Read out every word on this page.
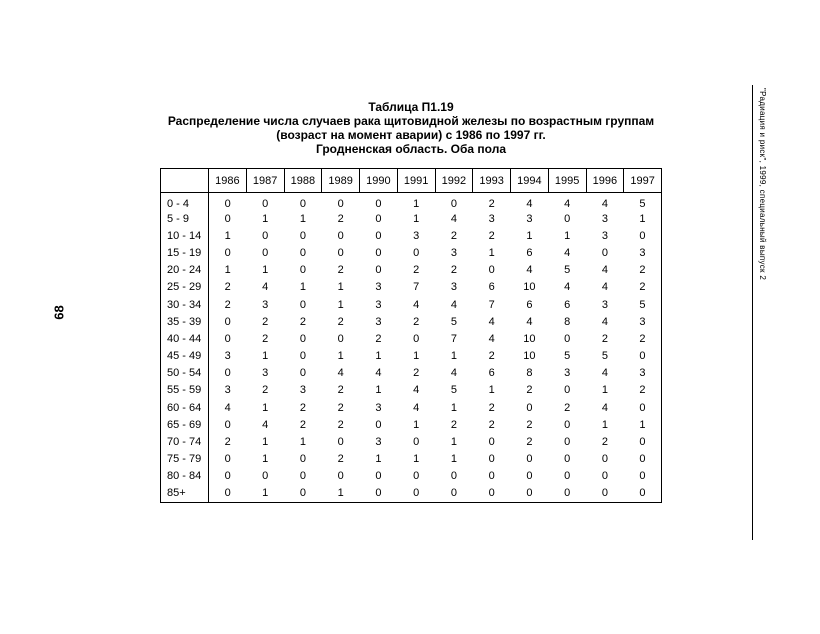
68
"Радиация и риск", 1999, специальный выпуск 2
Таблица П1.19
Распределение числа случаев рака щитовидной железы по возрастным группам
(возраст на момент аварии) с 1986 по 1997 гг.
Гродненская область. Оба пола
	1986	1987	1988	1989	1990	1991	1992	1993	1994	1995	1996	1997
0 - 4	0	0	0	0	0	1	0	2	4	4	4	5
5 - 9	0	1	1	2	0	1	4	3	3	0	3	1
10 - 14	1	0	0	0	0	3	2	2	1	1	3	0
15 - 19	0	0	0	0	0	0	3	1	6	4	0	3
20 - 24	1	1	0	2	0	2	2	0	4	5	4	2
25 - 29	2	4	1	1	3	7	3	6	10	4	4	2
30 - 34	2	3	0	1	3	4	4	7	6	6	3	5
35 - 39	0	2	2	2	3	2	5	4	4	8	4	3
40 - 44	0	2	0	0	2	0	7	4	10	0	2	2
45 - 49	3	1	0	1	1	1	1	2	10	5	5	0
50 - 54	0	3	0	4	4	2	4	6	8	3	4	3
55 - 59	3	2	3	2	1	4	5	1	2	0	1	2
60 - 64	4	1	2	2	3	4	1	2	0	2	4	0
65 - 69	0	4	2	2	0	1	2	2	2	0	1	1
70 - 74	2	1	1	0	3	0	1	0	2	0	2	0
75 - 79	0	1	0	2	1	1	1	0	0	0	0	0
80 - 84	0	0	0	0	0	0	0	0	0	0	0	0
85+	0	1	0	1	0	0	0	0	0	0	0	0
